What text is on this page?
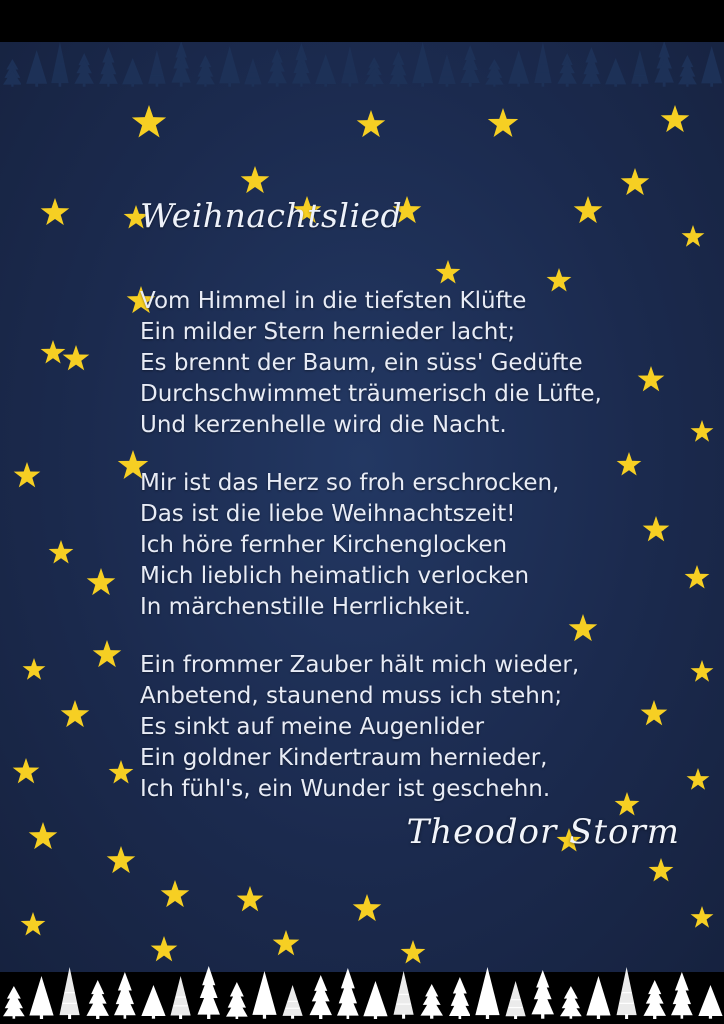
Weihnachtslied
Vom Himmel in die tiefsten Klüfte
Ein milder Stern hernieder lacht;
Es brennt der Baum, ein süss' Gedüfte
Durchschwimmet träumerisch die Lüfte,
Und kerzenhelle wird die Nacht.
Mir ist das Herz so froh erschrocken,
Das ist die liebe Weihnachtszeit!
Ich höre fernher Kirchenglocken
Mich lieblich heimatlich verlocken
In märchenstille Herrlichkeit.
Ein frommer Zauber hält mich wieder,
Anbetend, staunend muss ich stehn;
Es sinkt auf meine Augenlider
Ein goldner Kindertraum hernieder,
Ich fühl's, ein Wunder ist geschehn.
Theodor Storm
